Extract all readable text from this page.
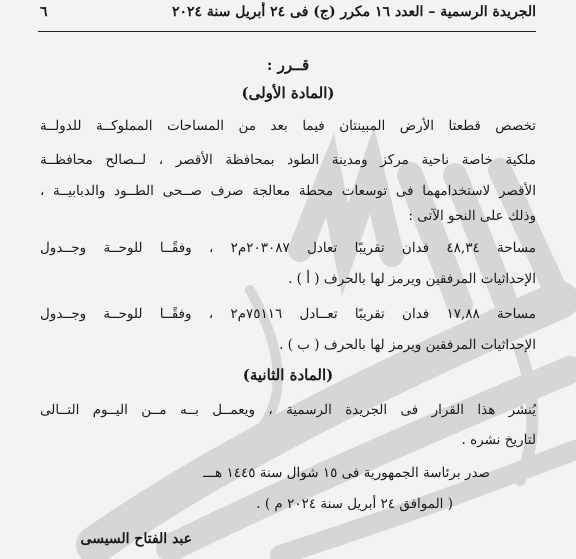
الجريدة الرسمية – العدد ١٦ مكرر (ج) فى ٢٤ أبريل سنة ٢٠٢٤
٦
قــرر :
(المادة الأولى)
تخصص قطعتا الأرض المبينتان فيما بعد من المساحات المملوكــة للدولــة
ملكية خاصة ناحية مركز ومدينة الطود بمحافظة الأقصر ، لــصالح محافظــة
الأقصر لاستخدامهما فى توسعات محطة معالجة صرف صــحى الطــود والدبابيــة ،
وذلك على النحو الآتى :
مساحة ٤٨,٣٤ فدان تقريبًا تعادل ٢٠٣٠٨٧م٢ ، وفقًــا للوحــة وجــدول
الإحداثيات المرفقين ويرمز لها بالحرف ( أ ) .
مساحة ١٧,٨٨ فدان تقريبًا تعــادل ٧٥١١٦م٢ ، وفقًــا للوحــة وجــدول
الإحداثيات المرفقين ويرمز لها بالحرف ( ب ) .
(المادة الثانية)
يُنشر هذا القرار فى الجريدة الرسمية ، ويعمــل بــه مــن اليــوم التــالى
لتاريخ نشره .
صدر برئاسة الجمهورية فى ١٥ شوال سنة ١٤٤٥ هـــ
( الموافق ٢٤ أبريل سنة ٢٠٢٤ م ) .
عبد الفتاح السيسى
